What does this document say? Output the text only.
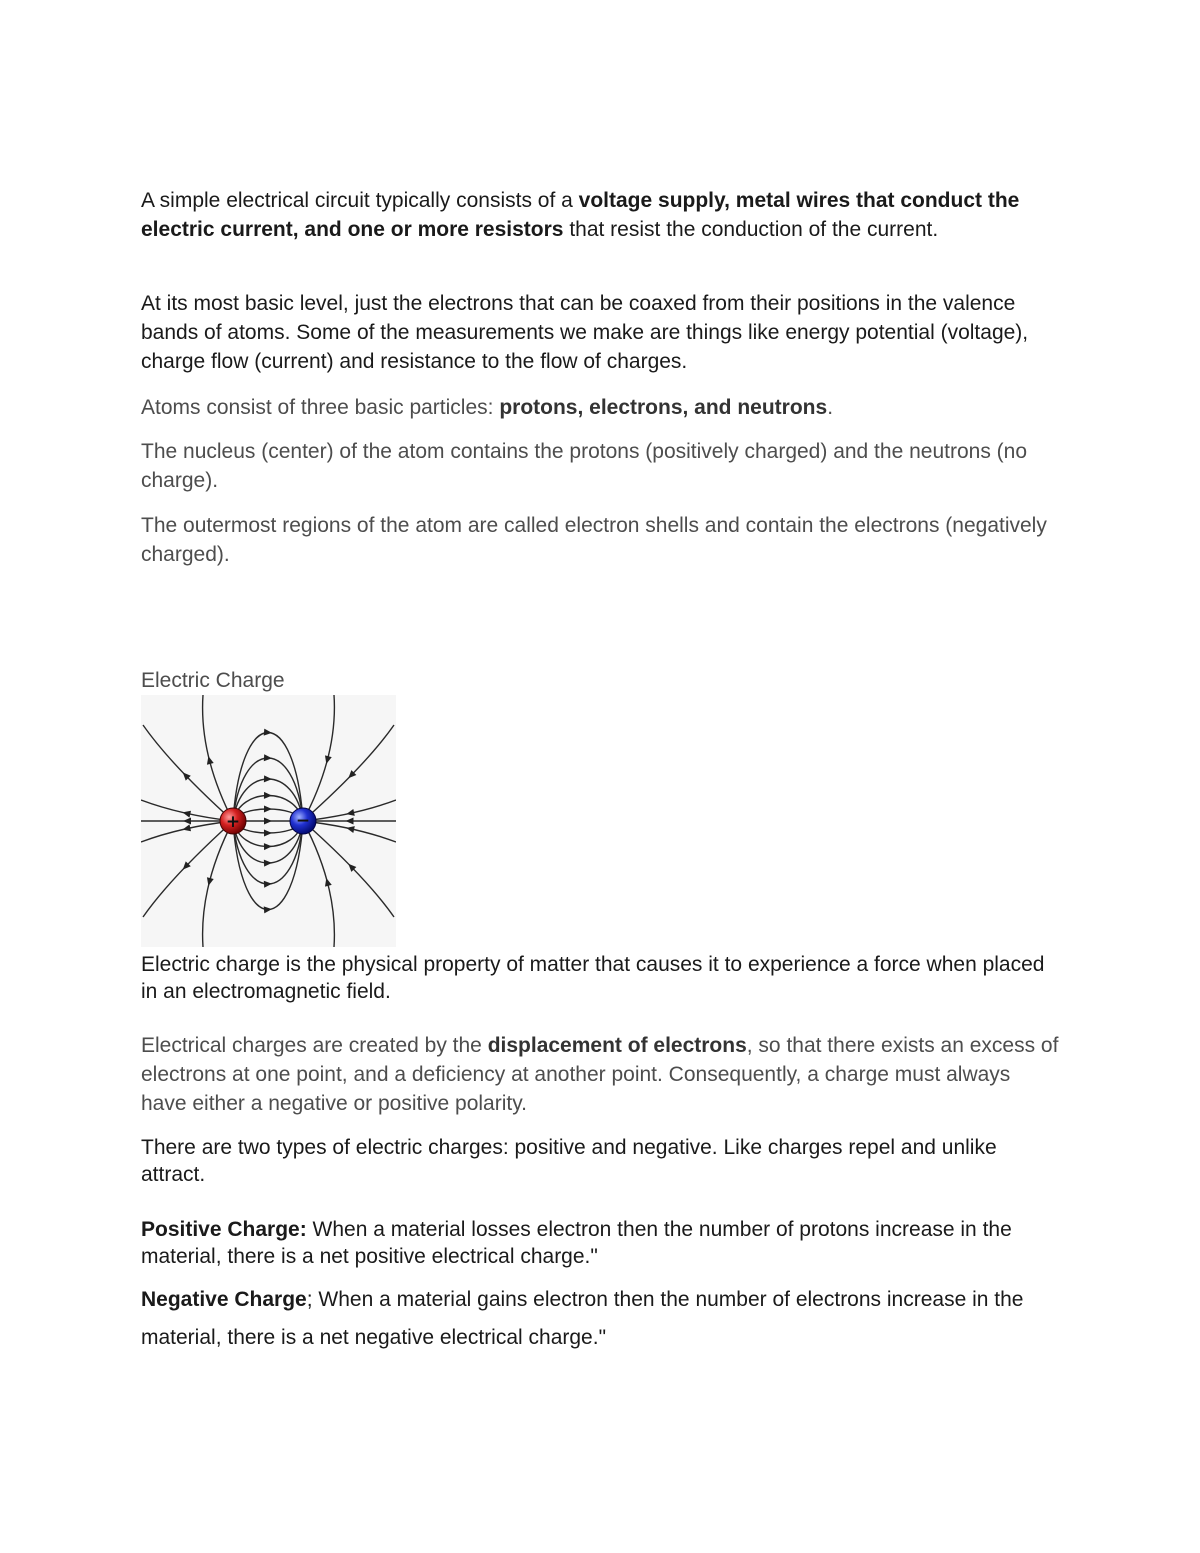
A simple electrical circuit typically consists of a voltage supply, metal wires that conduct the electric current, and one or more resistors that resist the conduction of the current.

At its most basic level, just the electrons that can be coaxed from their positions in the valence bands of atoms. Some of the measurements we make are things like energy potential (voltage), charge flow (current) and resistance to the flow of charges.

Atoms consist of three basic particles: protons, electrons, and neutrons.

The nucleus (center) of the atom contains the protons (positively charged) and the neutrons (no charge).

The outermost regions of the atom are called electron shells and contain the electrons (negatively charged).

Electric Charge

+	−

Electric charge is the physical property of matter that causes it to experience a force when placed in an electromagnetic field.

Electrical charges are created by the displacement of electrons, so that there exists an excess of electrons at one point, and a deficiency at another point. Consequently, a charge must always have either a negative or positive polarity.

There are two types of electric charges: positive and negative. Like charges repel and unlike attract.

Positive Charge: When a material losses electron then the number of protons increase in the material, there is a net positive electrical charge."

Negative Charge; When a material gains electron then the number of electrons increase in the material, there is a net negative electrical charge."
